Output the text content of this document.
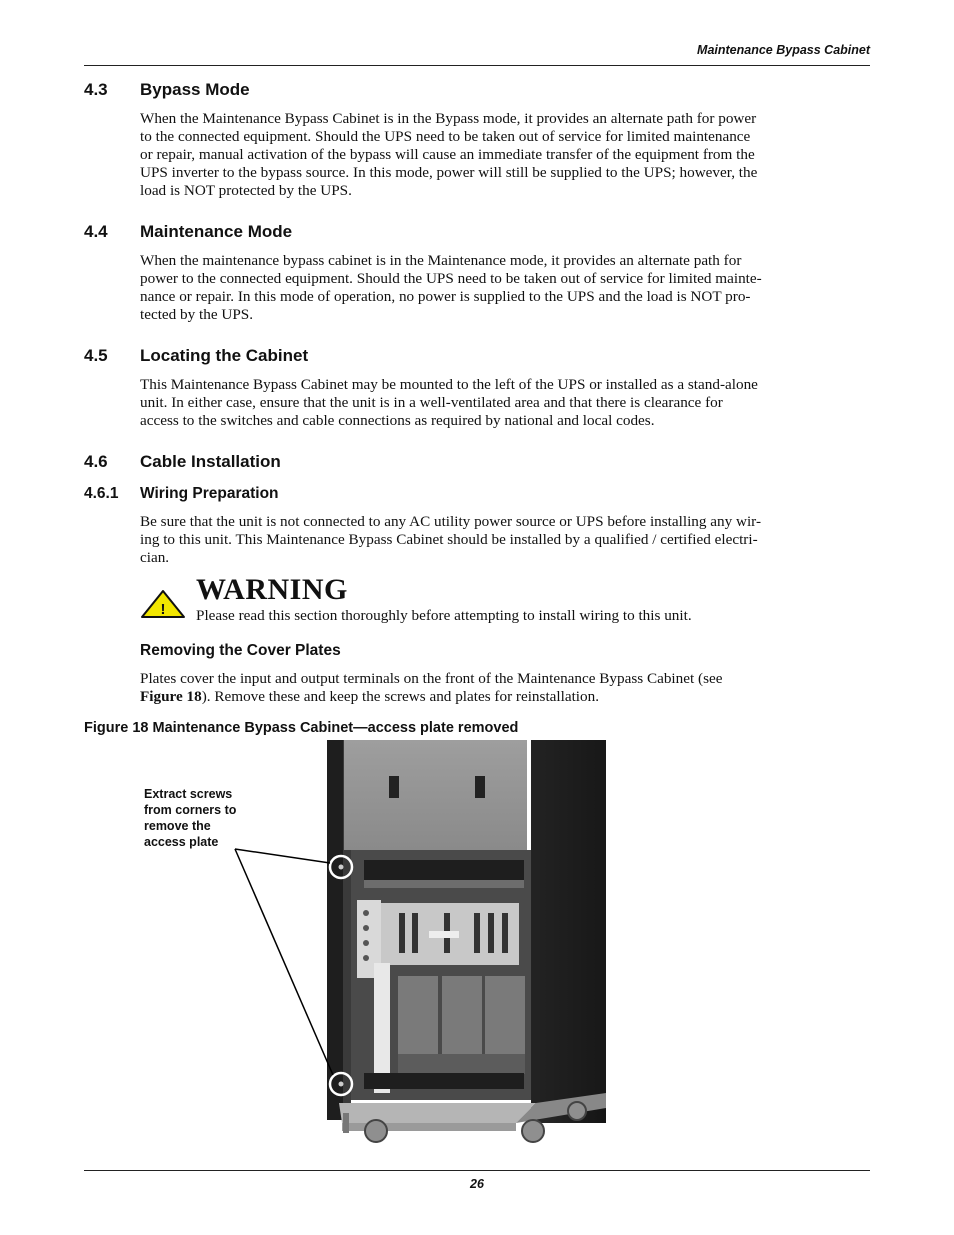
Maintenance Bypass Cabinet
4.3 Bypass Mode
When the Maintenance Bypass Cabinet is in the Bypass mode, it provides an alternate path for power
to the connected equipment. Should the UPS need to be taken out of service for limited maintenance
or repair, manual activation of the bypass will cause an immediate transfer of the equipment from the
UPS inverter to the bypass source. In this mode, power will still be supplied to the UPS; however, the
load is NOT protected by the UPS.
4.4 Maintenance Mode
When the maintenance bypass cabinet is in the Maintenance mode, it provides an alternate path for
power to the connected equipment. Should the UPS need to be taken out of service for limited mainte-
nance or repair. In this mode of operation, no power is supplied to the UPS and the load is NOT pro-
tected by the UPS.
4.5 Locating the Cabinet
This Maintenance Bypass Cabinet may be mounted to the left of the UPS or installed as a stand-alone
unit. In either case, ensure that the unit is in a well-ventilated area and that there is clearance for
access to the switches and cable connections as required by national and local codes.
4.6 Cable Installation
4.6.1 Wiring Preparation
Be sure that the unit is not connected to any AC utility power source or UPS before installing any wir-
ing to this unit. This Maintenance Bypass Cabinet should be installed by a qualified / certified electri-
cian.
!
WARNING
Please read this section thoroughly before attempting to install wiring to this unit.
Removing the Cover Plates
Plates cover the input and output terminals on the front of the Maintenance Bypass Cabinet (see
Figure 18). Remove these and keep the screws and plates for reinstallation.
Figure 18 Maintenance Bypass Cabinet—access plate removed
Extract screws
from corners to
remove the
access plate
26
